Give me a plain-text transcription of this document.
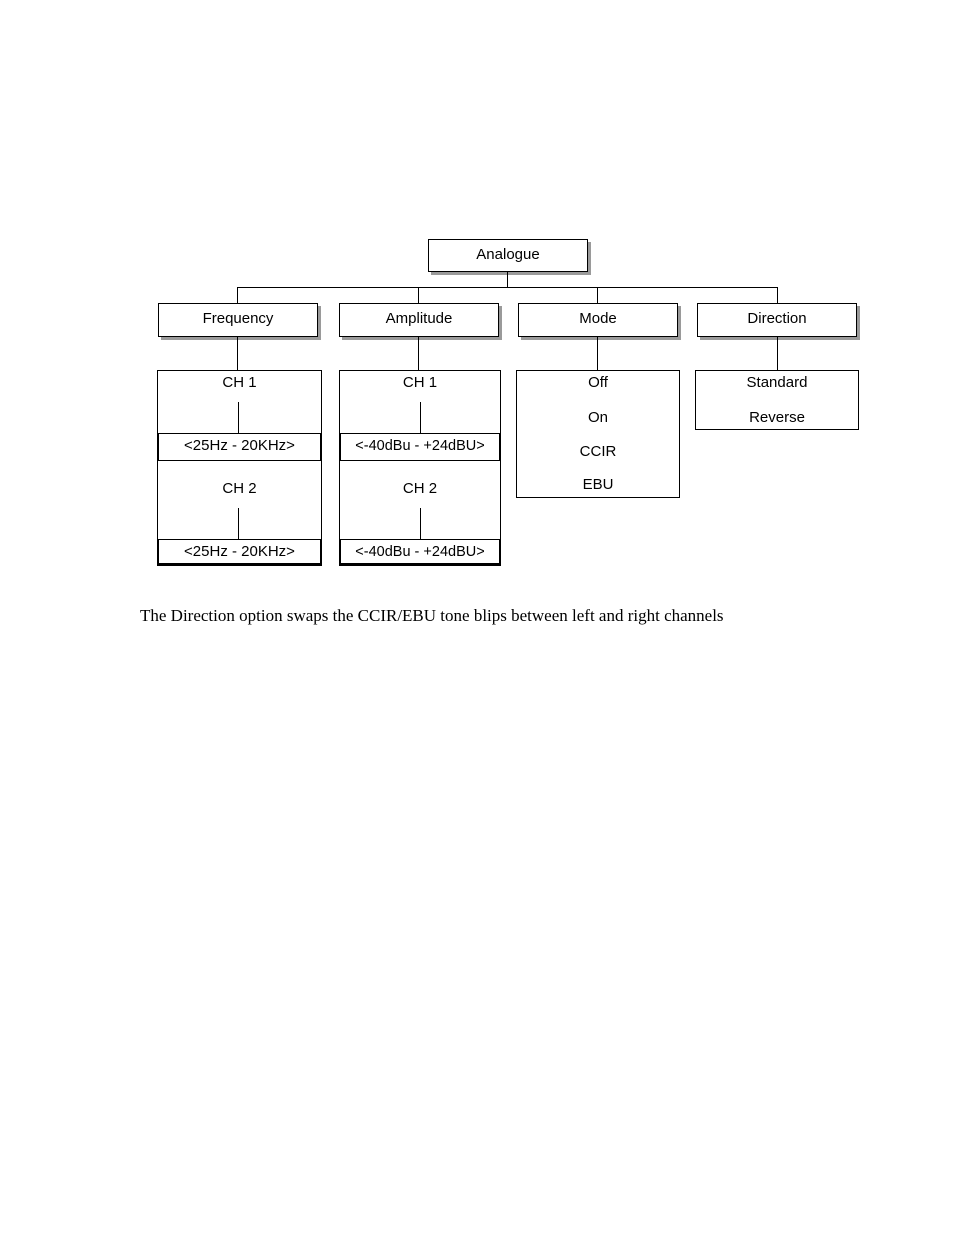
Analogue
Frequency	Amplitude	Mode	Direction
CH 1
<25Hz - 20KHz>
CH 2
<25Hz - 20KHz>
CH 1
<-40dBu - +24dBU>
CH 2
<-40dBu - +24dBU>
Off
On
CCIR
EBU
Standard
Reverse

The Direction option swaps the CCIR/EBU tone blips between left and right channels
